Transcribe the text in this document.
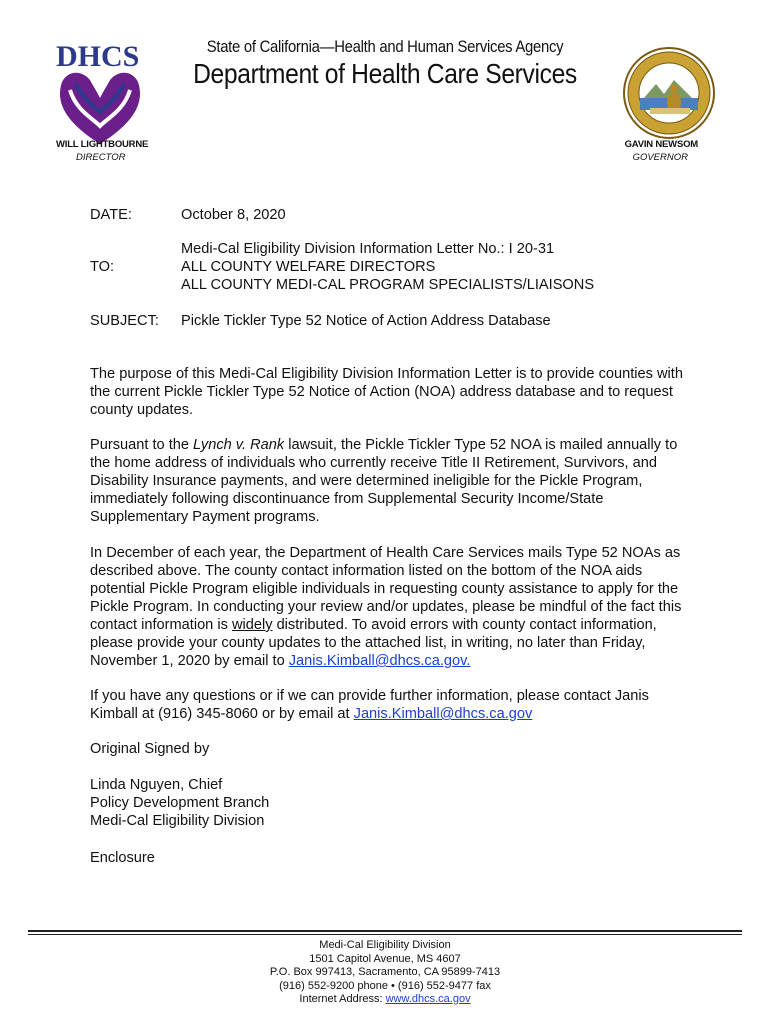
DHCS	State of California—Health and Human Services Agency
Department of Health Care Services
WILL LIGHTBOURNE
DIRECTOR
GAVIN NEWSOM
GOVERNOR
DATE:	October 8, 2020
TO:
Medi-Cal Eligibility Division Information Letter No.: I 20-31
ALL COUNTY WELFARE DIRECTORS
ALL COUNTY MEDI-CAL PROGRAM SPECIALISTS/LIAISONS
SUBJECT: Pickle Tickler Type 52 Notice of Action Address Database

The purpose of this Medi-Cal Eligibility Division Information Letter is to provide counties with the current Pickle Tickler Type 52 Notice of Action (NOA) address database and to request county updates.

Pursuant to the Lynch v. Rank lawsuit, the Pickle Tickler Type 52 NOA is mailed annually to the home address of individuals who currently receive Title II Retirement, Survivors, and Disability Insurance payments, and were determined ineligible for the Pickle Program, immediately following discontinuance from Supplemental Security Income/State Supplementary Payment programs.

In December of each year, the Department of Health Care Services mails Type 52 NOAs as described above. The county contact information listed on the bottom of the NOA aids potential Pickle Program eligible individuals in requesting county assistance to apply for the Pickle Program. In conducting your review and/or updates, please be mindful of the fact this contact information is widely distributed. To avoid errors with county contact information, please provide your county updates to the attached list, in writing, no later than Friday, November 1, 2020 by email to Janis.Kimball@dhcs.ca.gov.

If you have any questions or if we can provide further information, please contact Janis Kimball at (916) 345-8060 or by email at Janis.Kimball@dhcs.ca.gov

Original Signed by
Linda Nguyen, Chief
Policy Development Branch
Medi-Cal Eligibility Division
Enclosure
Medi-Cal Eligibility Division
1501 Capitol Avenue, MS 4607
P.O. Box 997413, Sacramento, CA 95899-7413
(916) 552-9200 phone • (916) 552-9477 fax
Internet Address: www.dhcs.ca.gov
